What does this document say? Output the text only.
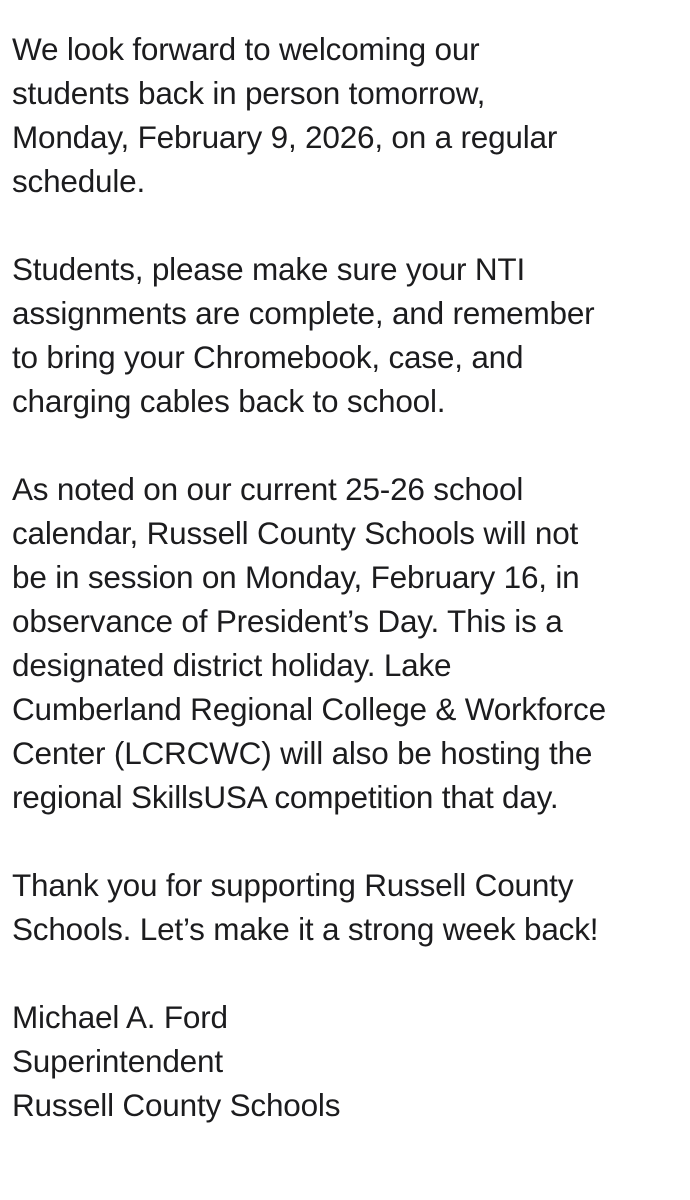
We look forward to welcoming our
students back in person tomorrow,
Monday, February 9, 2026, on a regular
schedule.

Students, please make sure your NTI
assignments are complete, and remember
to bring your Chromebook, case, and
charging cables back to school.

As noted on our current 25-26 school
calendar, Russell County Schools will not
be in session on Monday, February 16, in
observance of President’s Day. This is a
designated district holiday. Lake
Cumberland Regional College & Workforce
Center (LCRCWC) will also be hosting the
regional SkillsUSA competition that day.

Thank you for supporting Russell County
Schools. Let’s make it a strong week back!

Michael A. Ford
Superintendent
Russell County Schools
